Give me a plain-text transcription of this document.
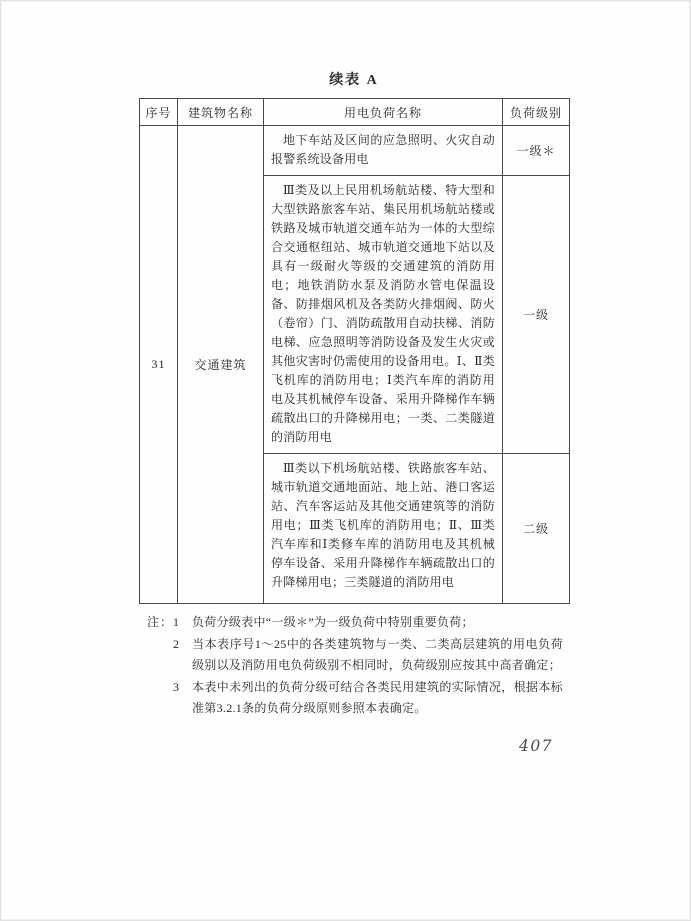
续表 A
序号	建筑物名称	用电负荷名称	负荷级别
31	交通建筑	地下车站及区间的应急照明、火灾自动报警系统设备用电	一级＊
		Ⅲ类及以上民用机场航站楼、特大型和大型铁路旅客车站、集民用机场航站楼或铁路及城市轨道交通车站为一体的大型综合交通枢纽站、城市轨道交通地下站以及具有一级耐火等级的交通建筑的消防用电；地铁消防水泵及消防水管电保温设备、防排烟风机及各类防火排烟阀、防火（卷帘）门、消防疏散用自动扶梯、消防电梯、应急照明等消防设备及发生火灾或其他灾害时仍需使用的设备用电。Ⅰ、Ⅱ类飞机库的消防用电；Ⅰ类汽车库的消防用电及其机械停车设备、采用升降梯作车辆疏散出口的升降梯用电；一类、二类隧道的消防用电	一级
		Ⅲ类以下机场航站楼、铁路旅客车站、城市轨道交通地面站、地上站、港口客运站、汽车客运站及其他交通建筑等的消防用电；Ⅲ类飞机库的消防用电；Ⅱ、Ⅲ类汽车库和Ⅰ类修车库的消防用电及其机械停车设备、采用升降梯作车辆疏散出口的升降梯用电；三类隧道的消防用电	二级
注： 1	负荷分级表中“一级＊”为一级负荷中特别重要负荷；
2	当本表序号1～25中的各类建筑物与一类、二类高层建筑的用电负荷级别以及消防用电负荷级别不相同时，负荷级别应按其中高者确定；
3	本表中未列出的负荷分级可结合各类民用建筑的实际情况，根据本标准第3.2.1条的负荷分级原则参照本表确定。
407
